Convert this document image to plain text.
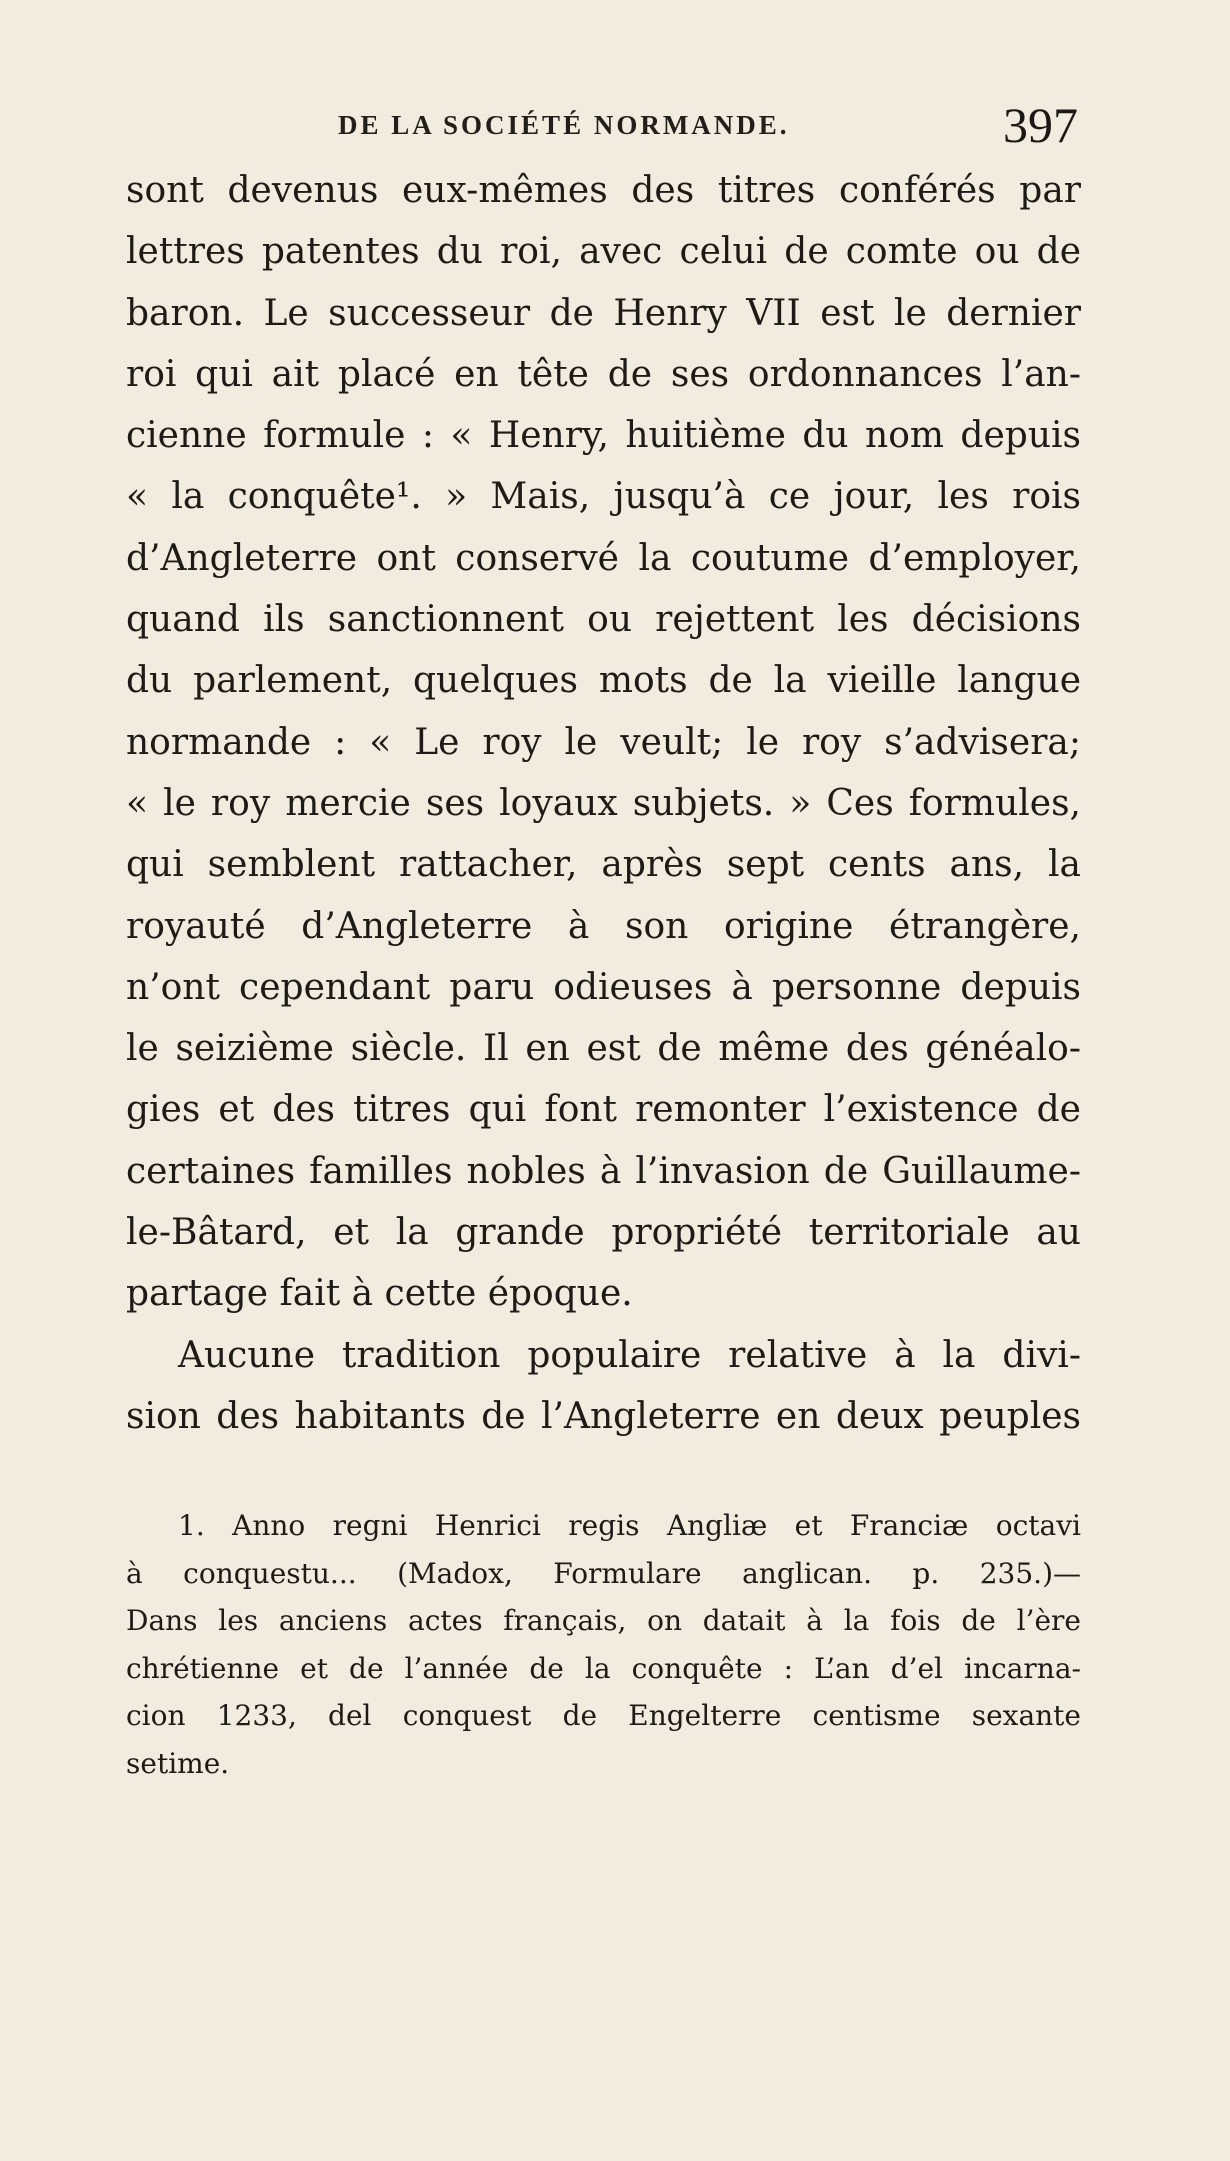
DE LA SOCIÉTÉ NORMANDE.	397
sont devenus eux-mêmes des titres conférés par
lettres patentes du roi, avec celui de comte ou de
baron. Le successeur de Henry VII est le dernier
roi qui ait placé en tête de ses ordonnances l’an-
cienne formule : « Henry, huitième du nom depuis
« la conquête¹. » Mais, jusqu’à ce jour, les rois
d’Angleterre ont conservé la coutume d’employer,
quand ils sanctionnent ou rejettent les décisions
du parlement, quelques mots de la vieille langue
normande : « Le roy le veult; le roy s’advisera;
« le roy mercie ses loyaux subjets. » Ces formules,
qui semblent rattacher, après sept cents ans, la
royauté d’Angleterre à son origine étrangère,
n’ont cependant paru odieuses à personne depuis
le seizième siècle. Il en est de même des généalo-
gies et des titres qui font remonter l’existence de
certaines familles nobles à l’invasion de Guillaume-
le-Bâtard, et la grande propriété territoriale au
partage fait à cette époque.
Aucune tradition populaire relative à la divi-
sion des habitants de l’Angleterre en deux peuples
1. Anno regni Henrici regis Angliæ et Franciæ octavi
à conquestu... (Madox, Formulare anglican. p. 235.)—
Dans les anciens actes français, on datait à la fois de l’ère
chrétienne et de l’année de la conquête : L’an d’el incarna-
cion 1233, del conquest de Engelterre centisme sexante
setime.
